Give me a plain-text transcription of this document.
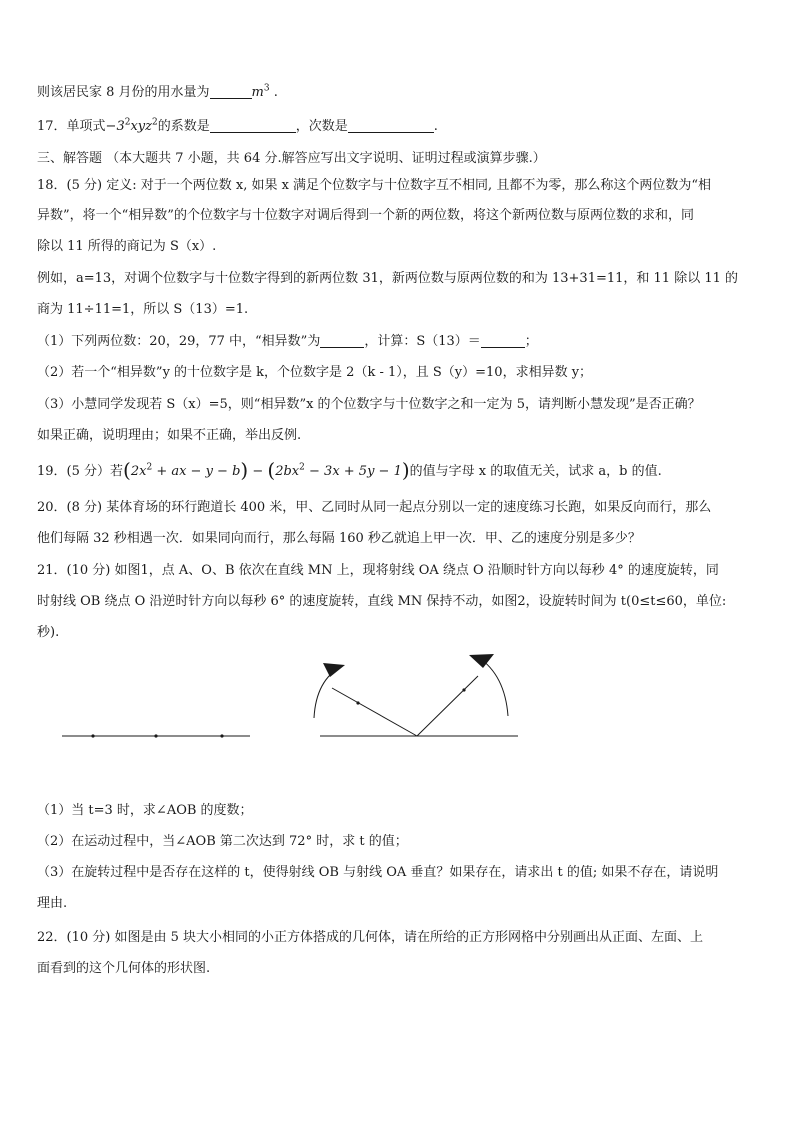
则该居民家 8 月份的用水量为	$m^3$ .
17．单项式$-3^2xyz^2$的系数是	，次数是	.
三、解答题 （本大题共 7 小题，共 64 分.解答应写出文字说明、证明过程或演算步骤.）
18．(5 分) 定义: 对于一个两位数 x, 如果 x 满足个位数字与十位数字互不相同, 且都不为零，那么称这个两位数为“相
异数”，将一个“相异数”的个位数字与十位数字对调后得到一个新的两位数，将这个新两位数与原两位数的求和，同
除以 11 所得的商记为 S（x）.
例如，a=13，对调个位数字与十位数字得到的新两位数 31，新两位数与原两位数的和为 13+31=11，和 11 除以 11 的
商为 11÷11=1，所以 S（13）=1.
（1）下列两位数：20，29，77 中，“相异数”为	，计算：S（13）＝	；
（2）若一个“相异数”y 的十位数字是 k，个位数字是 2（k - 1），且 S（y）=10，求相异数 y；
（3）小慧同学发现若 S（x）=5，则“相异数”x 的个位数字与十位数字之和一定为 5，请判断小慧发现”是否正确？
如果正确，说明理由；如果不正确，举出反例.
19．(5 分）若($2x^2$ + ax − $y - b) - (2bx^2 - 3x + 5y - 1)$的值与字母 x 的取值无关，试求 a，b 的值.
20．(8 分) 某体育场的环行跑道长 400 米，甲、乙同时从同一起点分别以一定的速度练习长跑，如果反向而行，那么
他们每隔 32 秒相遇一次．如果同向而行，那么每隔 160 秒乙就追上甲一次．甲、乙的速度分别是多少？
21．(10 分) 如图1，点 A、O、B 依次在直线 MN 上，现将射线 OA 绕点 O 沿顺时针方向以每秒 4° 的速度旋转，同
时射线 OB 绕点 O 沿逆时针方向以每秒 6° 的速度旋转，直线 MN 保持不动，如图2，设旋转时间为 t(0≤t≤60，单位:
秒).
（1）当 t=3 时，求∠AOB 的度数；
（2）在运动过程中，当∠AOB 第二次达到 72° 时，求 t 的值；
（3）在旋转过程中是否存在这样的 t，使得射线 OB 与射线 OA 垂直？如果存在，请求出 t 的值; 如果不存在，请说明
理由.
22．(10 分) 如图是由 5 块大小相同的小正方体搭成的几何体，请在所给的正方形网格中分别画出从正面、左面、上
面看到的这个几何体的形状图.
